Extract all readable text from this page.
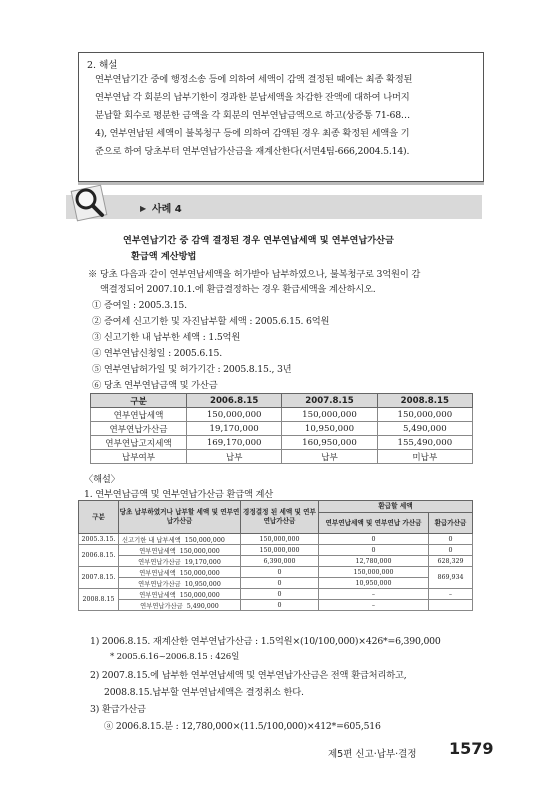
2. 해설
연부연납기간 중에 행정소송 등에 의하여 세액이 감액 결정된 때에는 최종 확정된
연부연납 각 회분의 납부기한이 경과한 분납세액을 차감한 잔액에 대하여 나머지
분납할 회수로 평분한 금액을 각 회분의 연부연납금액으로 하고(상증통 71-68…
4), 연부연납된 세액이 불복청구 등에 의하여 감액된 경우 최종 확정된 세액을 기
준으로 하여 당초부터 연부연납가산금을 재계산한다(서면4팀-666,2004.5.14).
▶ 사례 4
연부연납기간 중 감액 결정된 경우 연부연납세액 및 연부연납가산금
환급액 계산방법
※ 당초 다음과 같이 연부연납세액을 허가받아 납부하였으나, 불복청구로 3억원이 감
액결정되어 2007.10.1.에 환급결정하는 경우 환급세액을 계산하시오.
① 증여일 : 2005.3.15.
② 증여세 신고기한 및 자진납부할 세액 : 2005.6.15. 6억원
③ 신고기한 내 납부한 세액 : 1.5억원
④ 연부연납신청일 : 2005.6.15.
⑤ 연부연납허가일 및 허가기간 : 2005.8.15., 3년
구분	2006.8.15	2007.8.15	2008.8.15
연부연납세액	150,000,000	150,000,000	150,000,000
연부연납가산금	19,170,000	10,950,000	5,490,000
연부연납고지세액	169,170,000	160,950,000	155,490,000
납부여부	납부	납부	미납부
⑥ 당초 연부연납금액 및 가산금
〈해설〉
1. 연부연납금액 및 연부연납가산금 환급액 계산
구분	당초 납부하였거나 납부할 세액 및 연부연납가산금	경정결정 된 세액 및 연부연납가산금	환급할 세액	
			연부연납세액 및 연부연납 가산금	환급가산금
2005.3.15.	신고기한 내 납부세액 150,000,000	150,000,000	0	0
2006.8.15.	연부연납세액 150,000,000	150,000,000	0	0
	연부연납가산금 19,170,000	6,390,000	12,780,000	628,329
2007.8.15.	연부연납세액 150,000,000	0	150,000,000	869,934
	연부연납가산금 10,950,000	0	10,950,000	
2008.8.15	연부연납세액 150,000,000	0	–	–
	연부연납가산금 5,490,000	0	–	
1) 2006.8.15. 재계산한 연부연납가산금 : 1.5억원×(10/100,000)×426*=6,390,000
* 2005.6.16~2006.8.15 : 426일
2) 2007.8.15.에 납부한 연부연납세액 및 연부연납가산금은 전액 환급처리하고,
2008.8.15.납부할 연부연납세액은 결정취소 한다.
3) 환급가산금
ⓐ 2006.8.15.분 : 12,780,000×(11.5/100,000)×412*=605,516
제5편 신고·납부·결정 1579
